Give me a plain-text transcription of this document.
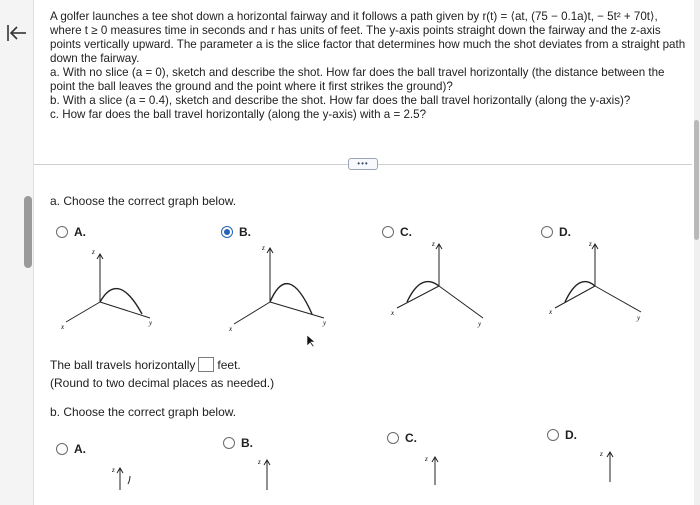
A golfer launches a tee shot down a horizontal fairway and it follows a path given by r(t) = ⟨at, (75 − 0.1a)t, − 5t² + 70t⟩, where t ≥ 0 measures time in seconds and r has units of feet. The y-axis points straight down the fairway and the z-axis points vertically upward. The parameter a is the slice factor that determines how much the shot deviates from a straight path down the fairway.

a. With no slice (a = 0), sketch and describe the shot. How far does the ball travel horizontally (the distance between the point the ball leaves the ground and the point where it first strikes the ground)?

b. With a slice (a = 0.4), sketch and describe the shot. How far does the ball travel horizontally (along the y-axis)?

c. How far does the ball travel horizontally (along the y-axis) with a = 2.5?

•••
a. Choose the correct graph below.
A.	B.	C.	D.
z
x	y
z
x
y
z
x
y
z
x
y
The ball travels horizontally feet.
(Round to two decimal places as needed.)
b. Choose the correct graph below.
A.	B.	C.	D.
z
z	z
z
